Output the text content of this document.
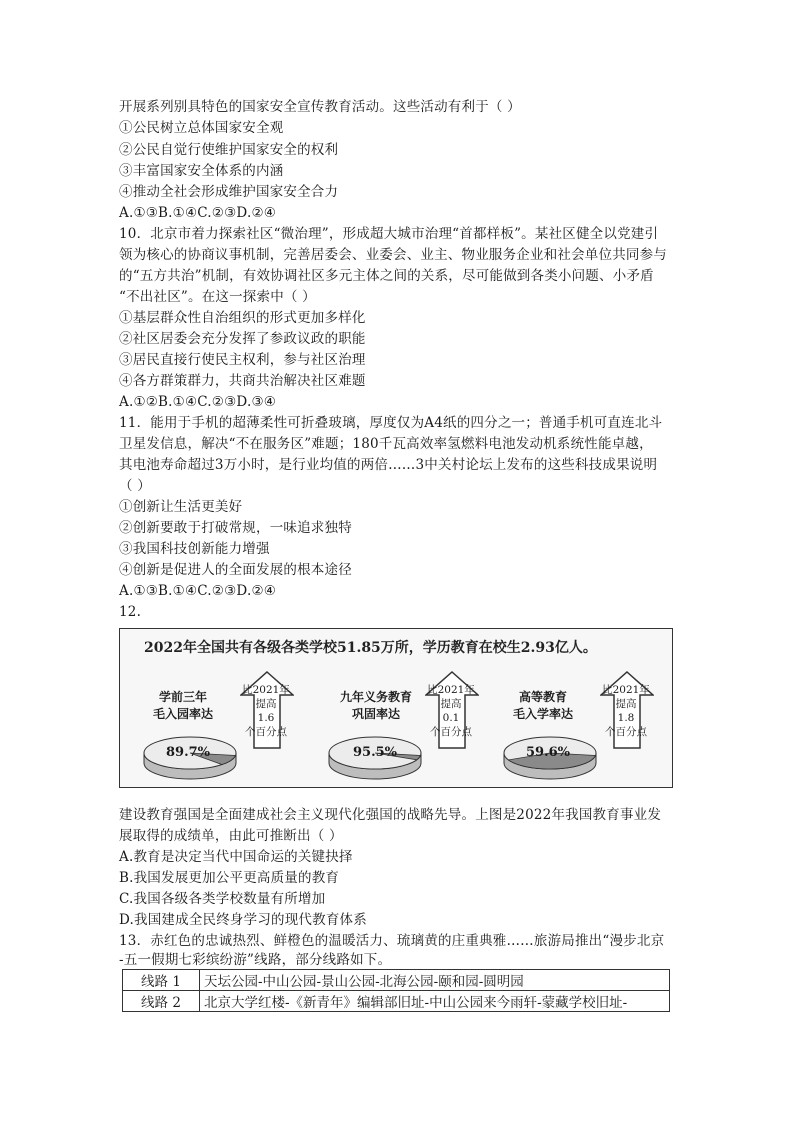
开展系列别具特色的国家安全宣传教育活动。这些活动有利于（ ）
①公民树立总体国家安全观
②公民自觉行使维护国家安全的权利
③丰富国家安全体系的内涵
④推动全社会形成维护国家安全合力
A.①③B.①④C.②③D.②④
10．北京市着力探索社区“微治理”，形成超大城市治理“首都样板”。某社区健全以党建引
领为核心的协商议事机制，完善居委会、业委会、业主、物业服务企业和社会单位共同参与
的“五方共治”机制，有效协调社区多元主体之间的关系，尽可能做到各类小问题、小矛盾
“不出社区”。在这一探索中（ ）
①基层群众性自治组织的形式更加多样化
②社区居委会充分发挥了参政议政的职能
③居民直接行使民主权利，参与社区治理
④各方群策群力，共商共治解决社区难题
A.①②B.①④C.②③D.③④
11．能用于手机的超薄柔性可折叠玻璃，厚度仅为A4纸的四分之一；普通手机可直连北斗
卫星发信息，解决“不在服务区”难题；180千瓦高效率氢燃料电池发动机系统性能卓越，
其电池寿命超过3万小时，是行业均值的两倍……3中关村论坛上发布的这些科技成果说明
（ ）
①创新让生活更美好
②创新要敢于打破常规，一味追求独特
③我国科技创新能力增强
④创新是促进人的全面发展的根本途径
A.①③B.①④C.②③D.②④
12.
2022年全国共有各级各类学校51.85万所，学历教育在校生2.93亿人。
学前三年
毛入园率达
比2021年
提高
1.6
个百分点
89.7%
九年义务教育
巩固率达
比2021年
提高
0.1
个百分点
95.5%
高等教育
毛入学率达
比2021年
提高
1.8
个百分点
59.6%
建设教育强国是全面建成社会主义现代化强国的战略先导。上图是2022年我国教育事业发
展取得的成绩单，由此可推断出（ ）
A.教育是决定当代中国命运的关键抉择
B.我国发展更加公平更高质量的教育
C.我国各级各类学校数量有所增加
D.我国建成全民终身学习的现代教育体系
13．赤红色的忠诚热烈、鲜橙色的温暖活力、琉璃黄的庄重典雅……旅游局推出“漫步北京
-五一假期七彩缤纷游”线路，部分线路如下。
线路 1	天坛公园-中山公园-景山公园-北海公园-颐和园-圆明园
线路 2	北京大学红楼-《新青年》编辑部旧址-中山公园来今雨轩-蒙藏学校旧址-
